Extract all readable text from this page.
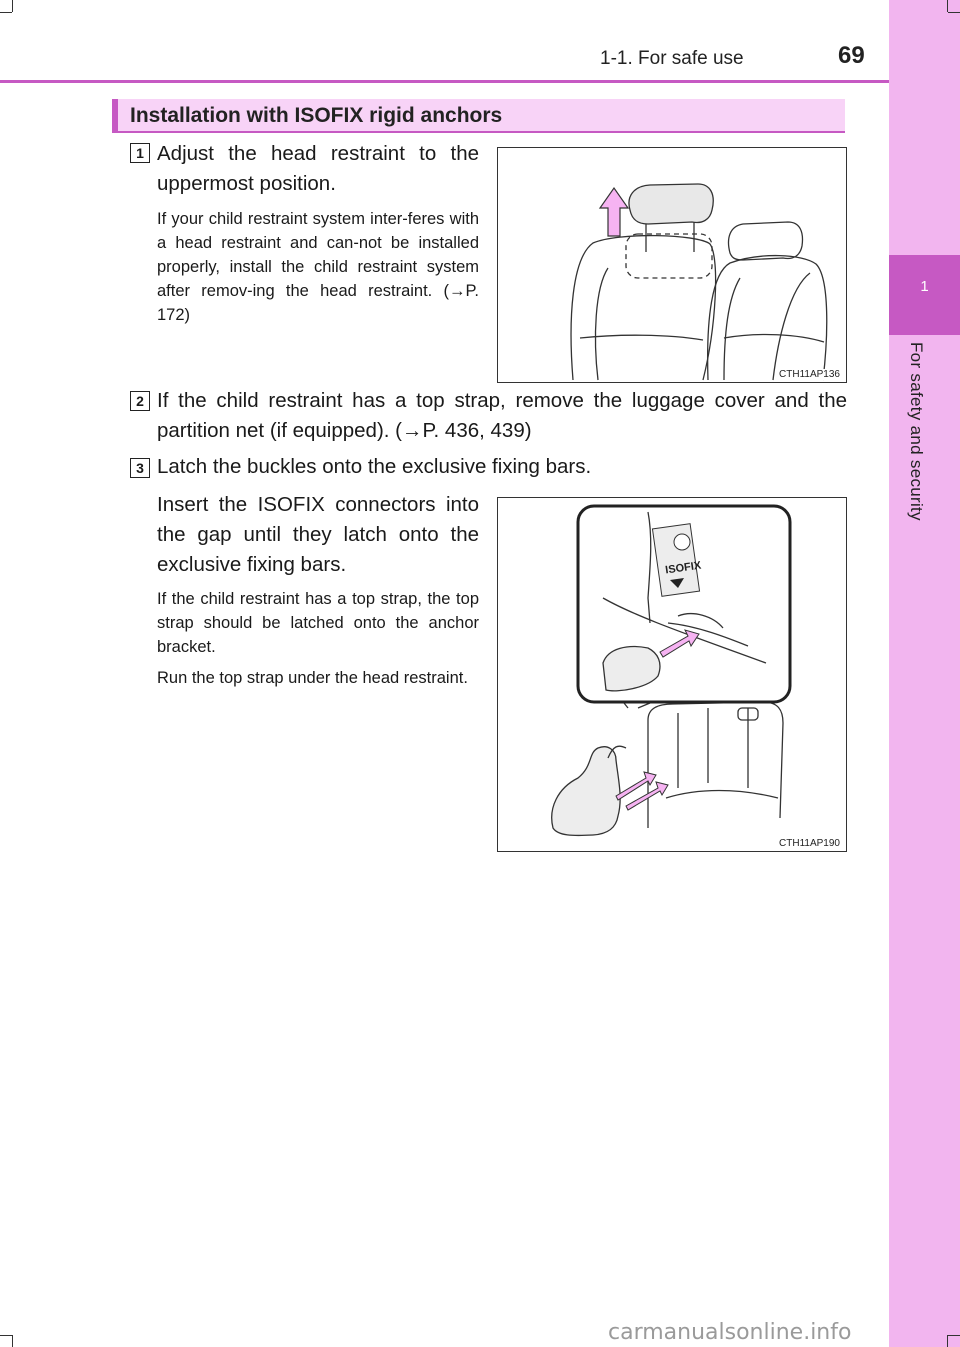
1
For safety and security
1-1. For safe use	69
Installation with ISOFIX rigid anchors
1 Adjust the head restraint to the uppermost position.
If your child restraint system inter-feres with a head restraint and can-not be installed properly, install the child restraint system after remov-ing the head restraint. (→P. 172)
CTH11AP136
2 If the child restraint has a top strap, remove the luggage cover and the partition net (if equipped). (→P. 436, 439)
3 Latch the buckles onto the exclusive fixing bars.
Insert the ISOFIX connectors into the gap until they latch onto the exclusive fixing bars.
If the child restraint has a top strap, the top strap should be latched onto the anchor bracket.
Run the top strap under the head restraint.
ISOFIX
CTH11AP190
carmanualsonline.info
